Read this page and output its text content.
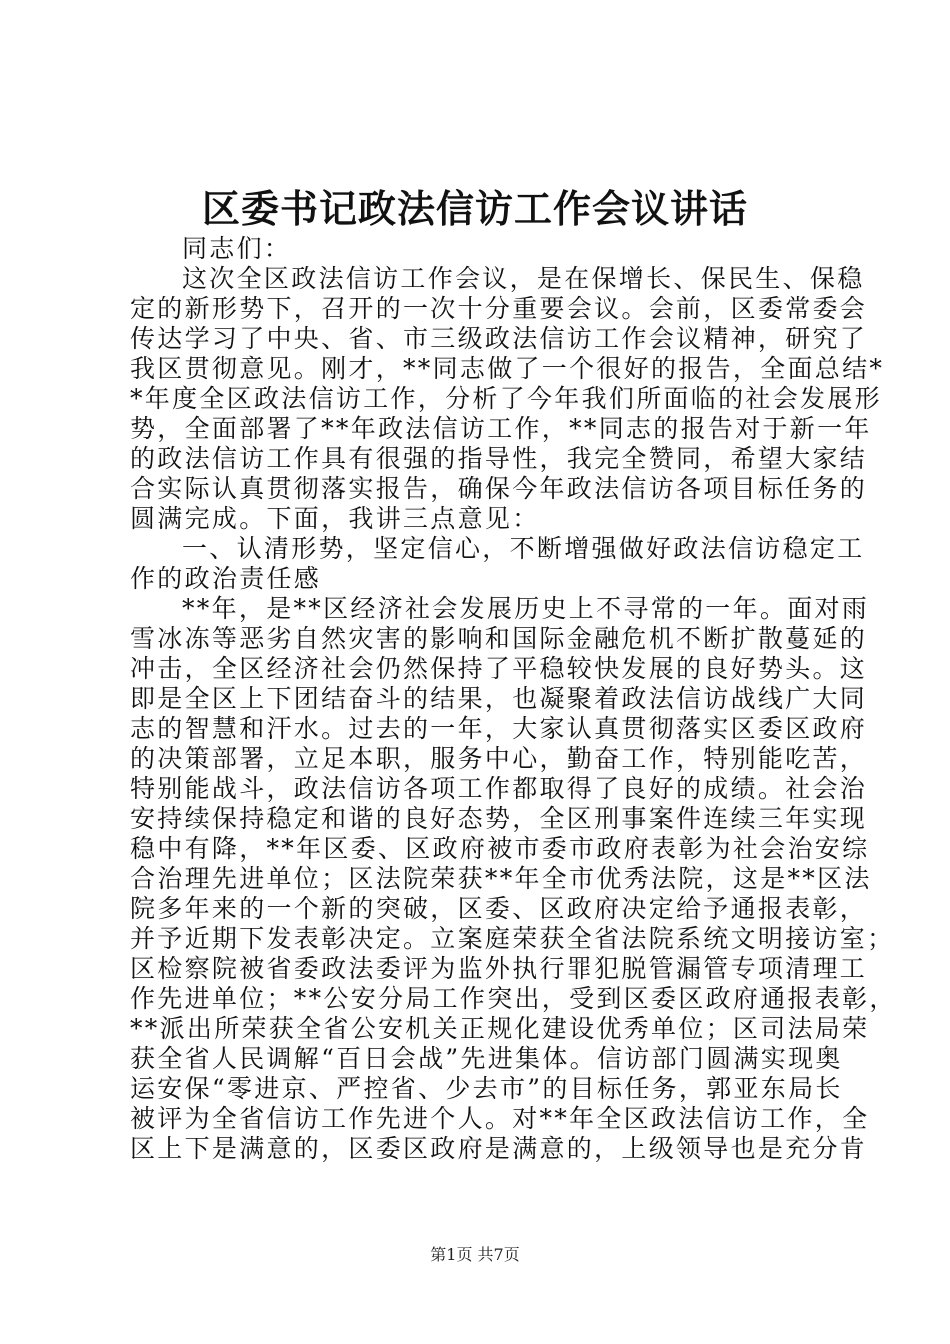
区委书记政法信访工作会议讲话
同志们：
这次全区政法信访工作会议，是在保增长、保民生、保稳
定的新形势下，召开的一次十分重要会议。会前，区委常委会
传达学习了中央、省、市三级政法信访工作会议精神，研究了
我区贯彻意见。刚才，**同志做了一个很好的报告，全面总结*
*年度全区政法信访工作，分析了今年我们所面临的社会发展形
势，全面部署了**年政法信访工作，**同志的报告对于新一年
的政法信访工作具有很强的指导性，我完全赞同，希望大家结
合实际认真贯彻落实报告，确保今年政法信访各项目标任务的
圆满完成。下面，我讲三点意见：
一、认清形势，坚定信心，不断增强做好政法信访稳定工
作的政治责任感
**年，是**区经济社会发展历史上不寻常的一年。面对雨
雪冰冻等恶劣自然灾害的影响和国际金融危机不断扩散蔓延的
冲击，全区经济社会仍然保持了平稳较快发展的良好势头。这
即是全区上下团结奋斗的结果，也凝聚着政法信访战线广大同
志的智慧和汗水。过去的一年，大家认真贯彻落实区委区政府
的决策部署，立足本职，服务中心，勤奋工作，特别能吃苦，
特别能战斗，政法信访各项工作都取得了良好的成绩。社会治
安持续保持稳定和谐的良好态势，全区刑事案件连续三年实现
稳中有降，**年区委、区政府被市委市政府表彰为社会治安综
合治理先进单位；区法院荣获**年全市优秀法院，这是**区法
院多年来的一个新的突破，区委、区政府决定给予通报表彰，
并予近期下发表彰决定。立案庭荣获全省法院系统文明接访室；
区检察院被省委政法委评为监外执行罪犯脱管漏管专项清理工
作先进单位；**公安分局工作突出，受到区委区政府通报表彰，
**派出所荣获全省公安机关正规化建设优秀单位；区司法局荣
获全省人民调解“百日会战”先进集体。信访部门圆满实现奥
运安保“零进京、严控省、少去市”的目标任务，郭亚东局长
被评为全省信访工作先进个人。对**年全区政法信访工作，全
区上下是满意的，区委区政府是满意的，上级领导也是充分肯
第1页 共7页
